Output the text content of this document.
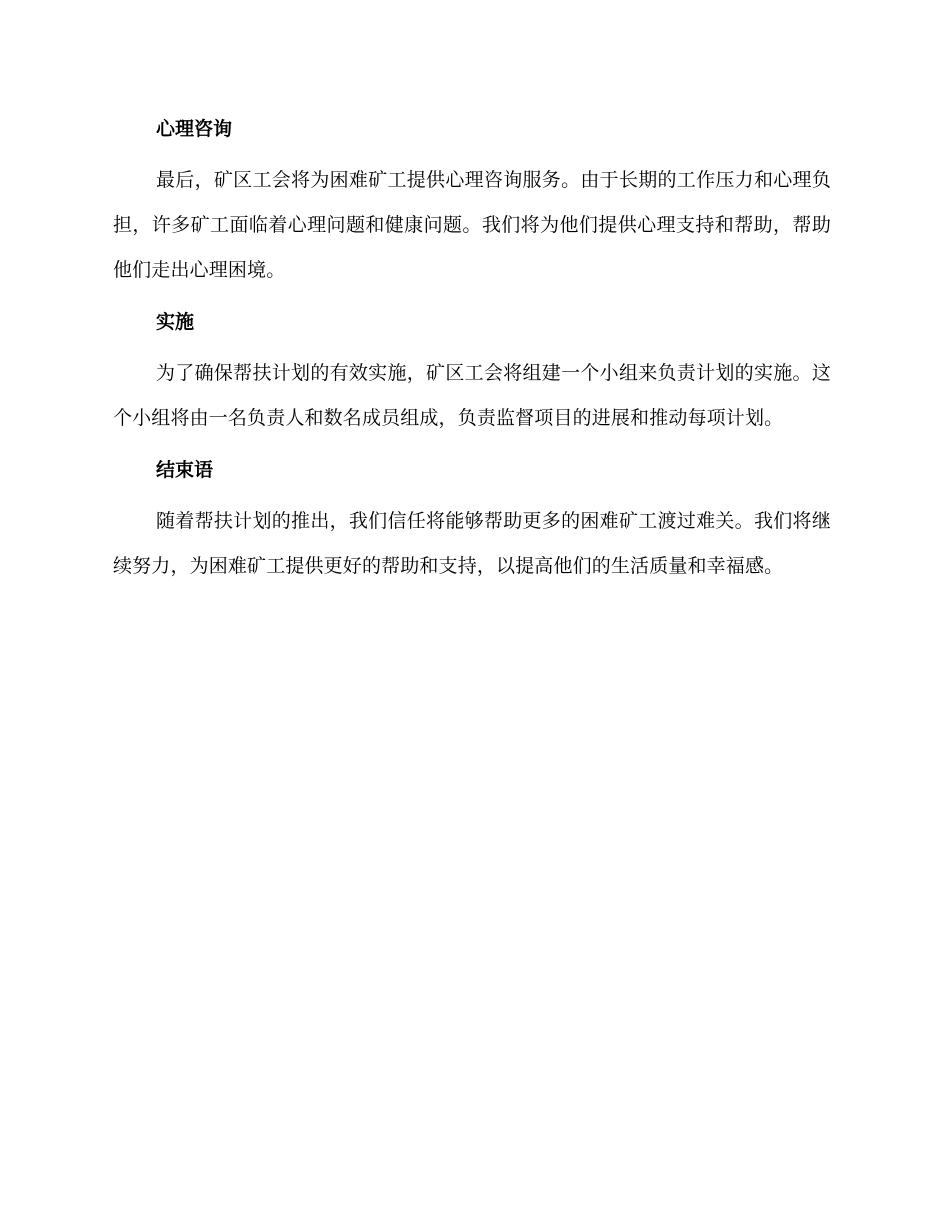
心理咨询

最后，矿区工会将为困难矿工提供心理咨询服务。由于长期的工作压力和心理负担，许多矿工面临着心理问题和健康问题。我们将为他们提供心理支持和帮助，帮助他们走出心理困境。

实施

为了确保帮扶计划的有效实施，矿区工会将组建一个小组来负责计划的实施。这个小组将由一名负责人和数名成员组成，负责监督项目的进展和推动每项计划。

结束语

随着帮扶计划的推出，我们信任将能够帮助更多的困难矿工渡过难关。我们将继续努力，为困难矿工提供更好的帮助和支持，以提高他们的生活质量和幸福感。
